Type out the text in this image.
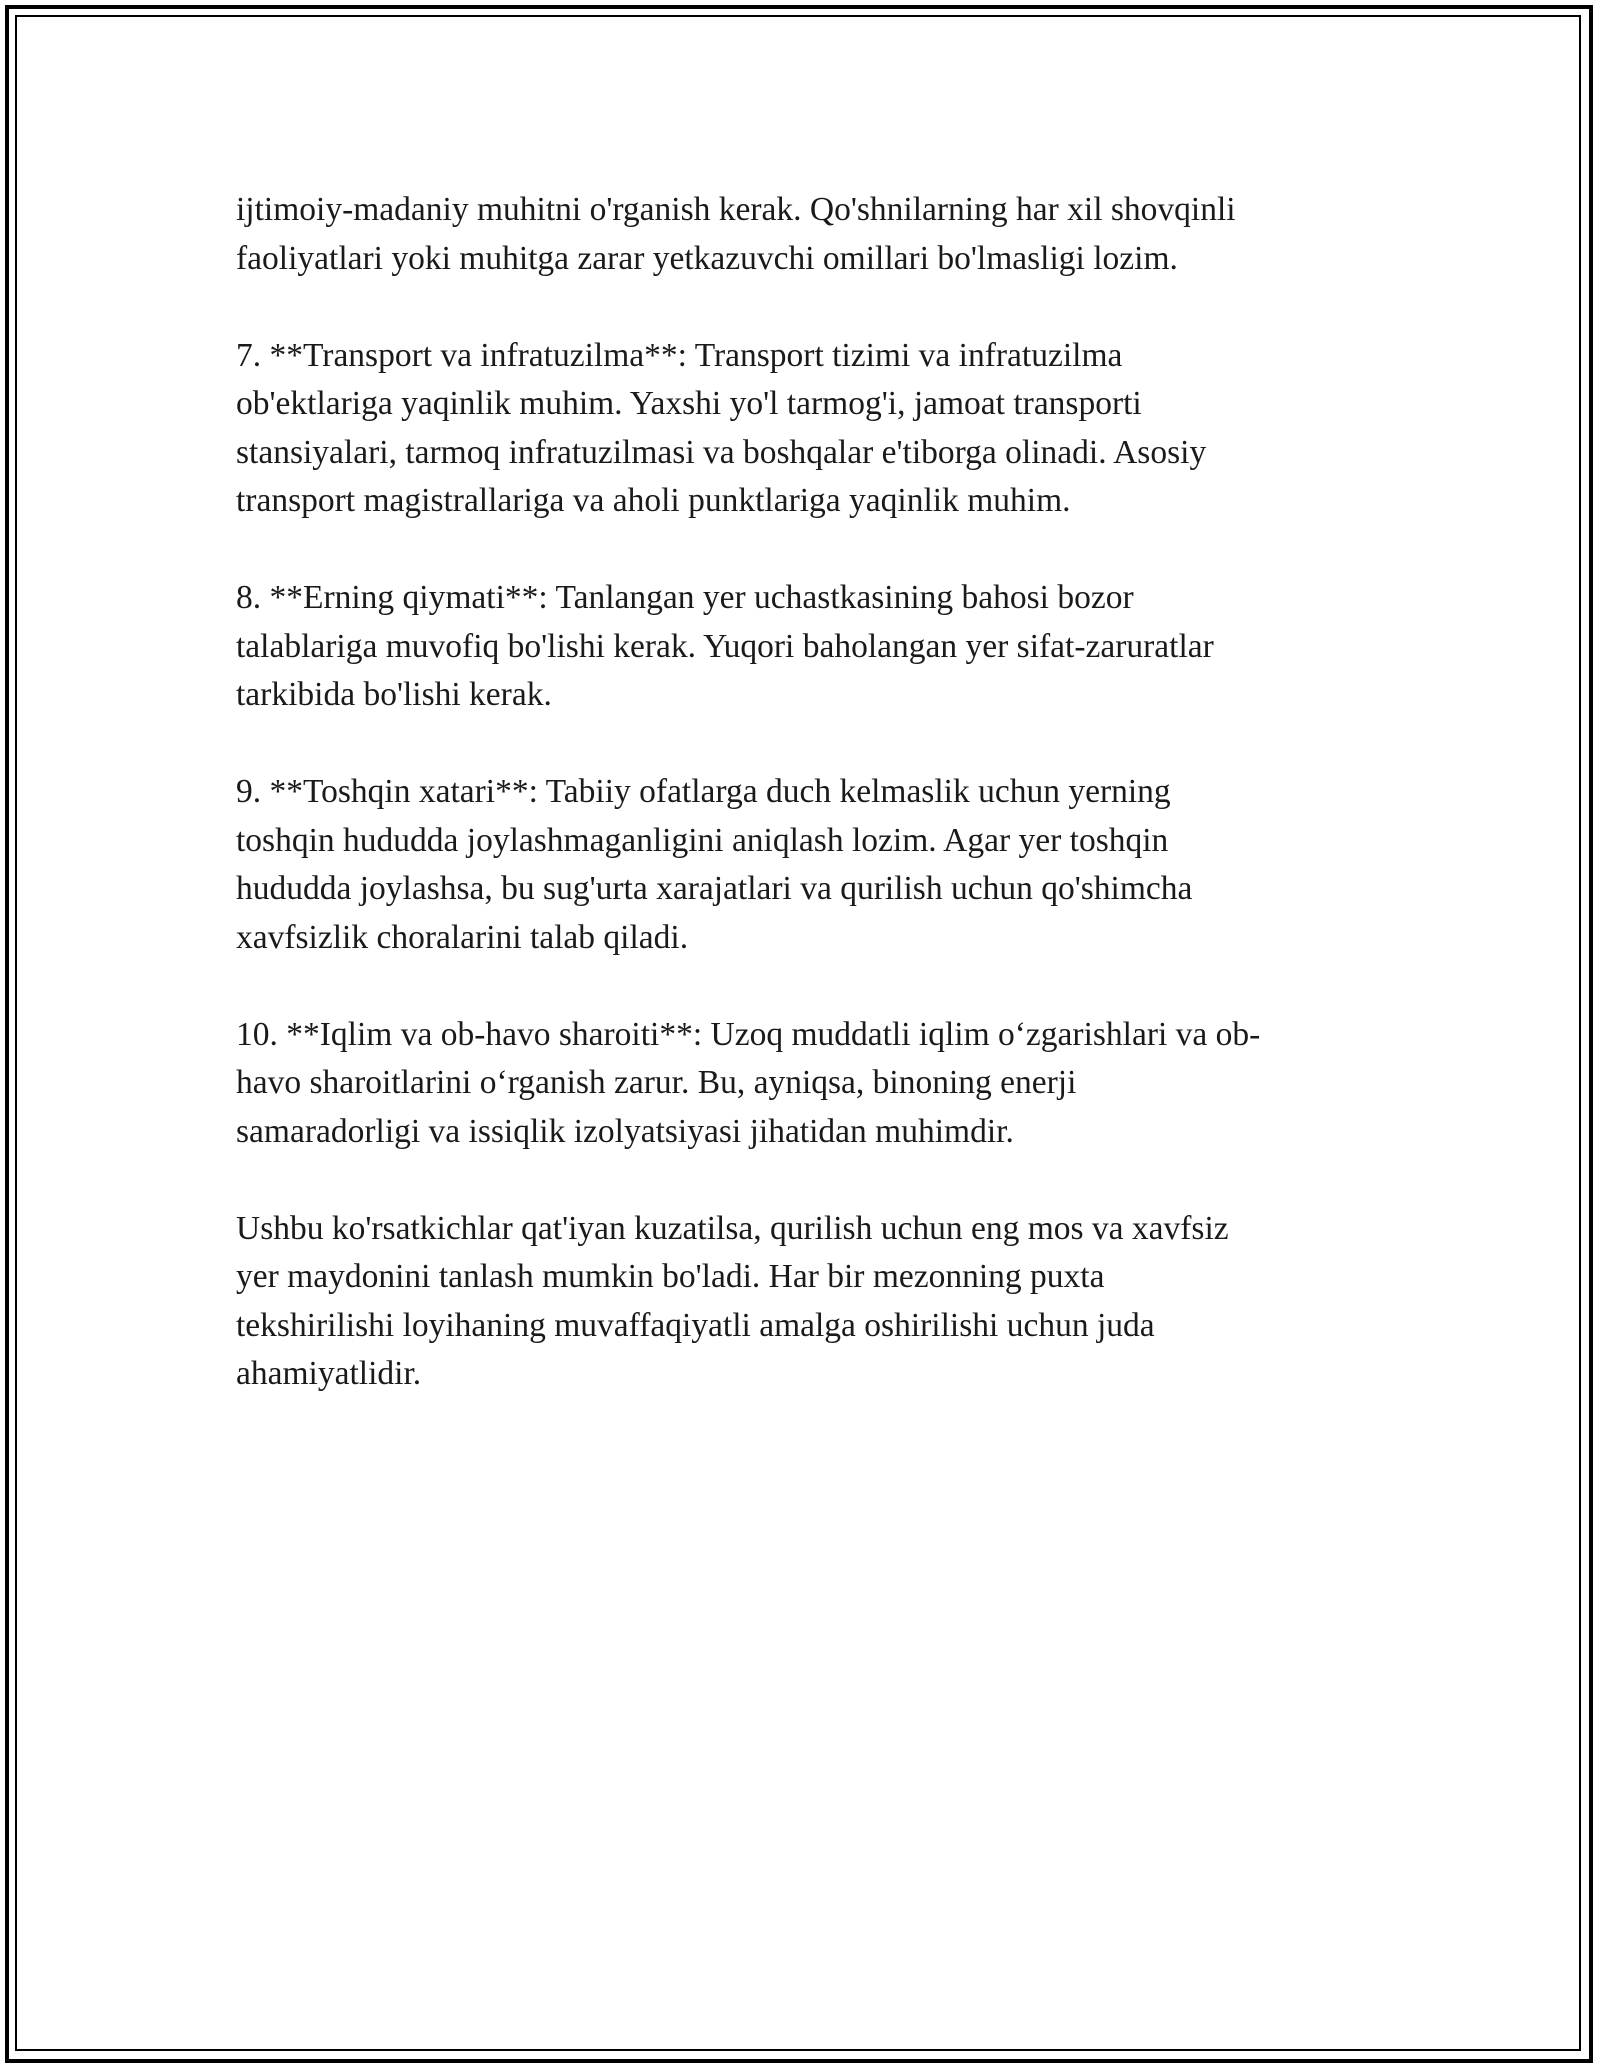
ijtimoiy-madaniy muhitni o'rganish kerak. Qo'shnilarning har xil shovqinli
faoliyatlari yoki muhitga zarar yetkazuvchi omillari bo'lmasligi lozim.

7. **Transport va infratuzilma**: Transport tizimi va infratuzilma
ob'ektlariga yaqinlik muhim. Yaxshi yo'l tarmog'i, jamoat transporti
stansiyalari, tarmoq infratuzilmasi va boshqalar e'tiborga olinadi. Asosiy
transport magistrallariga va aholi punktlariga yaqinlik muhim.

8. **Erning qiymati**: Tanlangan yer uchastkasining bahosi bozor
talablariga muvofiq bo'lishi kerak. Yuqori baholangan yer sifat-zaruratlar
tarkibida bo'lishi kerak.

9. **Toshqin xatari**: Tabiiy ofatlarga duch kelmaslik uchun yerning
toshqin hududda joylashmaganligini aniqlash lozim. Agar yer toshqin
hududda joylashsa, bu sug'urta xarajatlari va qurilish uchun qo'shimcha
xavfsizlik choralarini talab qiladi.

10. **Iqlim va ob-havo sharoiti**: Uzoq muddatli iqlim o‘zgarishlari va ob-
havo sharoitlarini o‘rganish zarur. Bu, ayniqsa, binoning enerji
samaradorligi va issiqlik izolyatsiyasi jihatidan muhimdir.

Ushbu ko'rsatkichlar qat'iyan kuzatilsa, qurilish uchun eng mos va xavfsiz
yer maydonini tanlash mumkin bo'ladi. Har bir mezonning puxta
tekshirilishi loyihaning muvaffaqiyatli amalga oshirilishi uchun juda
ahamiyatlidir.
